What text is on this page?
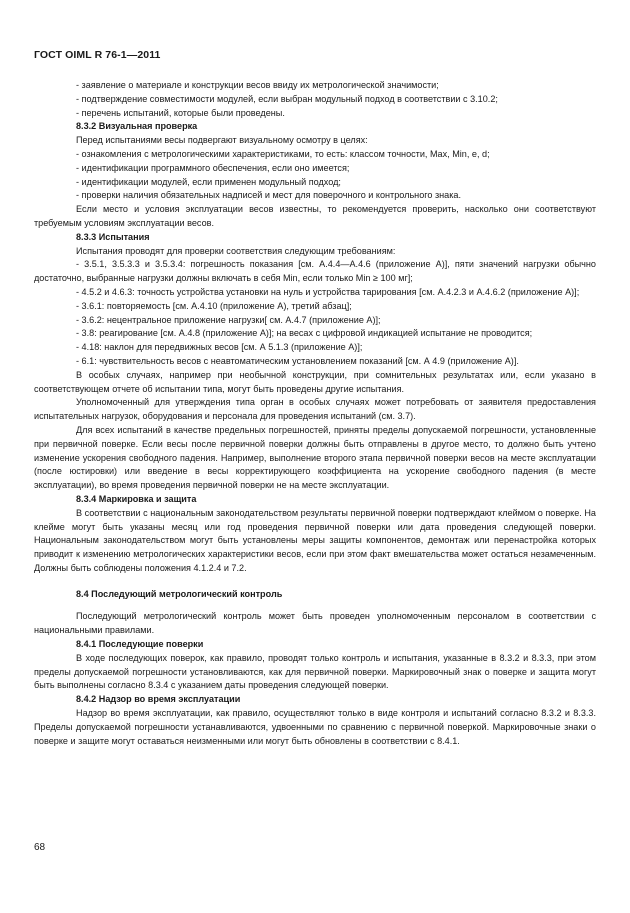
ГОСТ OIML R 76-1—2011

- заявление о материале и конструкции весов ввиду их метрологической значимости;

- подтверждение совместимости модулей, если выбран модульный подход в соответствии с 3.10.2;

- перечень испытаний, которые были проведены.

8.3.2 Визуальная проверка

Перед испытаниями весы подвергают визуальному осмотру в целях:

- ознакомления с метрологическими характеристиками, то есть: классом точности, Max, Min, e, d;

- идентификации программного обеспечения, если оно имеется;

- идентификации модулей, если применен модульный подход;

- проверки наличия обязательных надписей и мест для поверочного и контрольного знака.

Если место и условия эксплуатации весов известны, то рекомендуется проверить, насколько они соответствуют требуемым условиям эксплуатации весов.

8.3.3 Испытания

Испытания проводят для проверки соответствия следующим требованиям:

- 3.5.1, 3.5.3.3 и 3.5.3.4: погрешность показания [см. А.4.4—А.4.6 (приложение А)], пяти значений нагрузки обычно достаточно, выбранные нагрузки должны включать в себя Min, если только Min ≥ 100 мг];

- 4.5.2 и 4.6.3: точность устройства установки на нуль и устройства тарирования [см. А.4.2.3 и А.4.6.2 (приложение А)];

- 3.6.1: повторяемость [см. А.4.10 (приложение А), третий абзац];

- 3.6.2: нецентральное приложение нагрузки[ см. А.4.7 (приложение А)];

- 3.8: реагирование [см. А.4.8 (приложение А)]; на весах с цифровой индикацией испытание не проводится;

- 4.18: наклон для передвижных весов [см. А 5.1.3 (приложение А)];

- 6.1: чувствительность весов с неавтоматическим установлением показаний [см. А 4.9 (приложение А)].

В особых случаях, например при необычной конструкции, при сомнительных результатах или, если указано в соответствующем отчете об испытании типа, могут быть проведены другие испытания.

Уполномоченный для утверждения типа орган в особых случаях может потребовать от заявителя предоставления испытательных нагрузок, оборудования и персонала для проведения испытаний (см. 3.7).

Для всех испытаний в качестве предельных погрешностей, приняты пределы допускаемой погрешности, установленные при первичной поверке. Если весы после первичной поверки должны быть отправлены в другое место, то должно быть учтено изменение ускорения свободного падения. Например, выполнение второго этапа первичной поверки весов на месте эксплуатации (после юстировки) или введение в весы корректирующего коэффициента на ускорение свободного падения (в месте эксплуатации), во время проведения первичной поверки не на месте эксплуатации.

8.3.4 Маркировка и защита

В соответствии с национальным законодательством результаты первичной поверки подтверждают клеймом о поверке. На клейме могут быть указаны месяц или год проведения первичной поверки или дата проведения следующей поверки. Национальным законодательством могут быть установлены меры защиты компонентов, демонтаж или перенастройка которых приводит к изменению метрологических характеристики весов, если при этом факт вмешательства может остаться незамеченным. Должны быть соблюдены положения 4.1.2.4 и 7.2.

8.4 Последующий метрологический контроль

Последующий метрологический контроль может быть проведен уполномоченным персоналом в соответствии с национальными правилами.

8.4.1 Последующие поверки

В ходе последующих поверок, как правило, проводят только контроль и испытания, указанные в 8.3.2 и 8.3.3, при этом пределы допускаемой погрешности установливаются, как для первичной поверки. Маркировочный знак о поверке и защита могут быть выполнены согласно 8.3.4 с указанием даты проведения следующей поверки.

8.4.2 Надзор во время эксплуатации

Надзор во время эксплуатации, как правило, осуществляют только в виде контроля и испытаний согласно 8.3.2 и 8.3.3. Пределы допускаемой погрешности устанавливаются, удвоенными по сравнению с первичной поверкой. Маркировочные знаки о поверке и защите могут оставаться неизменными или могут быть обновлены в соответствии с 8.4.1.

68
